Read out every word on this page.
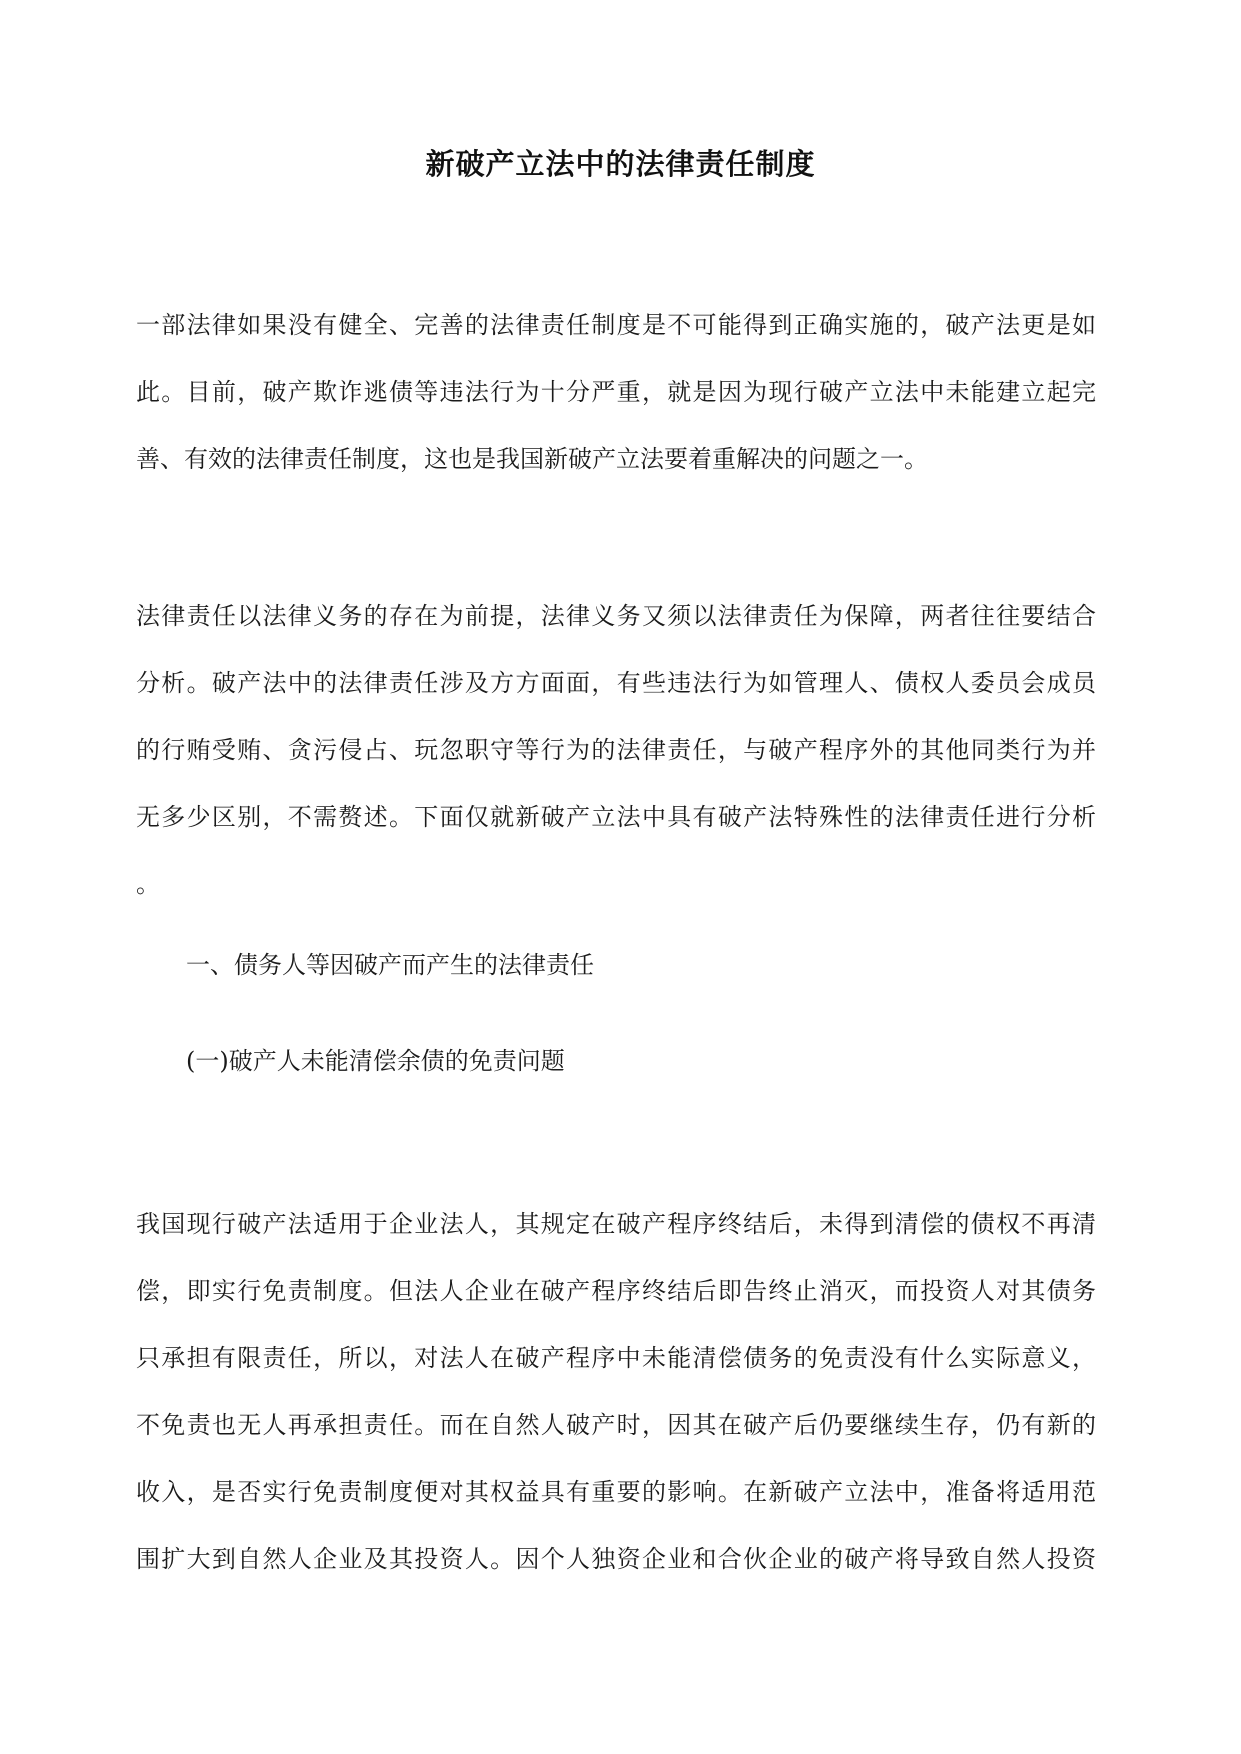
新破产立法中的法律责任制度
一部法律如果没有健全、完善的法律责任制度是不可能得到正确实施的，破产法更是如
此。目前，破产欺诈逃债等违法行为十分严重，就是因为现行破产立法中未能建立起完
善、有效的法律责任制度，这也是我国新破产立法要着重解决的问题之一。
法律责任以法律义务的存在为前提，法律义务又须以法律责任为保障，两者往往要结合
分析。破产法中的法律责任涉及方方面面，有些违法行为如管理人、债权人委员会成员
的行贿受贿、贪污侵占、玩忽职守等行为的法律责任，与破产程序外的其他同类行为并
无多少区别，不需赘述。下面仅就新破产立法中具有破产法特殊性的法律责任进行分析
。
一、债务人等因破产而产生的法律责任
(一)破产人未能清偿余债的免责问题
我国现行破产法适用于企业法人，其规定在破产程序终结后，未得到清偿的债权不再清
偿，即实行免责制度。但法人企业在破产程序终结后即告终止消灭，而投资人对其债务
只承担有限责任，所以，对法人在破产程序中未能清偿债务的免责没有什么实际意义，
不免责也无人再承担责任。而在自然人破产时，因其在破产后仍要继续生存，仍有新的
收入，是否实行免责制度便对其权益具有重要的影响。在新破产立法中，准备将适用范
围扩大到自然人企业及其投资人。因个人独资企业和合伙企业的破产将导致自然人投资
